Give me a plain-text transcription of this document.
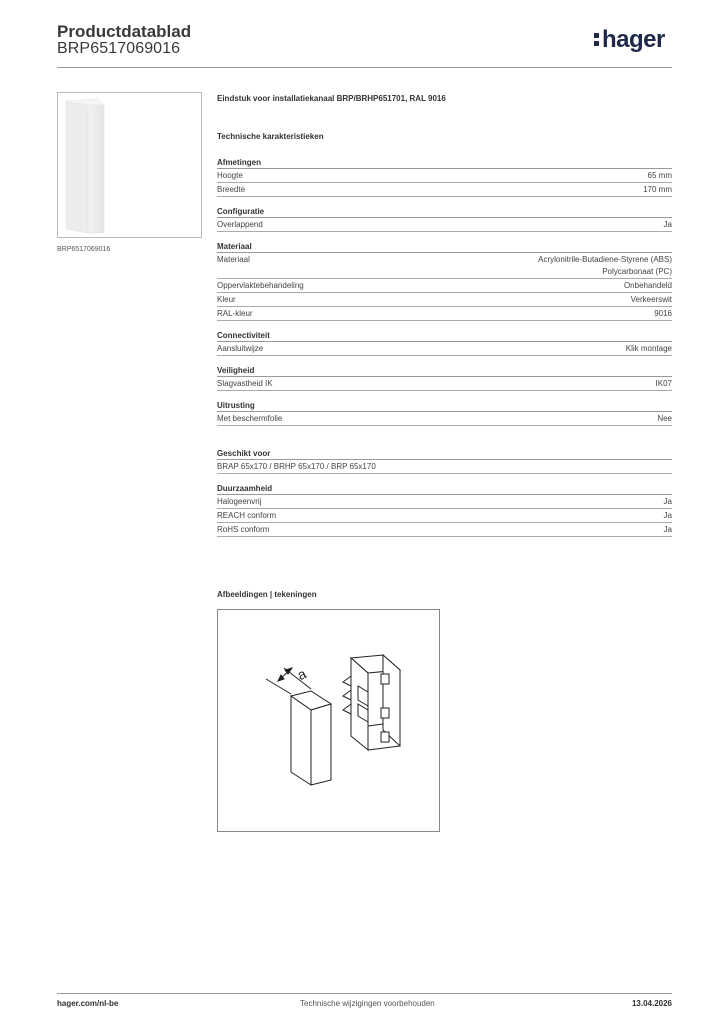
Productdatablad
BRP6517069016	hager
BRP6517069016
Eindstuk voor installatiekanaal BRP/BRHP651701, RAL 9016
Technische karakteristieken
Afmetingen
Hoogte	65 mm
Breedte	170 mm
Configuratie
Overlappend	Ja
Materiaal
Materiaal	Acrylonitrile-Butadiene-Styrene (ABS)
Polycarbonaat (PC)
Oppervlaktebehandeling	Onbehandeld
Kleur	Verkeerswit
RAL-kleur	9016
Connectiviteit
Aansluitwijze	Klik montage
Veiligheid
Slagvastheid IK	IK07
Uitrusting
Met beschermfolie	Nee
Geschikt voor
BRAP 65x170 / BRHP 65x170 / BRP 65x170
Duurzaamheid
Halogeenvrij	Ja
REACH conform	Ja
RoHS conform	Ja
Afbeeldingen | tekeningen
a
hager.com/nl-be	Technische wijzigingen voorbehouden	13.04.2026
